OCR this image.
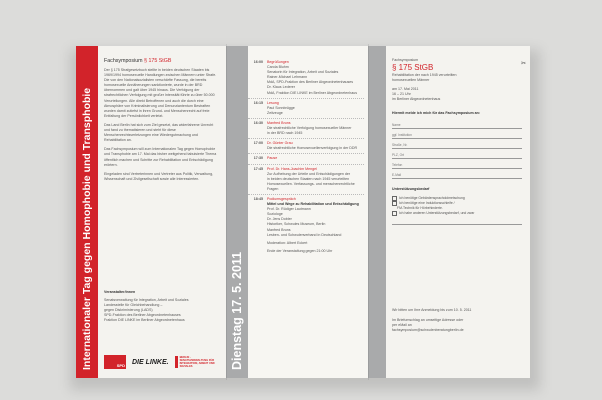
Internationaler Tag gegen Homophobie und Transphobie
Fachsymposium § 175 StGB
Der § 175 Strafgesetzbuch stellte in beiden deutschen Staaten bis 1969/1994 homosexuelle Handlungen zwischen Männern unter Strafe. Die von den Nationalsozialisten verschärfte Fassung, die bereits homosexuelle Annäherungen sanktionierte, wurde in der BRD übernommen und galt über 1945 hinaus. Die Verfolgung der strafrechtlichen Verfolgung mit großer Intensität führte zu über 50.000 Verurteilungen. Alle direkt Betroffenen und auch die durch eine Atmosphäre von Kriminalisierung und Denunziantentum Bestraften wurden damit zutiefst in ihren Grund- und Menschenrecht auf freie Entfaltung der Persönlichkeit verletzt.
Das Land Berlin hat sich zum Ziel gesetzt, das widerfahrene Unrecht und fand zu thematisieren und steht für diese Menschenrechtsverletzungen eine Wiedergutmachung und Rehabilitation an.
Das Fachsymposium will zum Internationalen Tag gegen Homophobie und Transphobie am 17. Mai das bisher weitgehend tabuisierte Thema öffentlich machen und Schritte zur Rehabilitation und Entschädigung erörtern.
Eingeladen sind Vertreterinnen und Vertreter aus Politik, Verwaltung, Wissenschaft und Zivilgesellschaft sowie alle Interessierten.
Veranstalter/innen
Senatsverwaltung für Integration, Arbeit und Soziales
Landesstelle für Gleichbehandlung –
gegen Diskriminierung (LADS)
SPD-Fraktion des Berliner Abgeordnetenhauses
Fraktion DIE LINKE im Berliner Abgeordnetenhaus
SPD DIE LINKE.
BERLIN · SENATSVERWALTUNG FÜR INTEGRATION, ARBEIT UND SOZIALES	Dienstag 17. 5. 2011
16:00	Begrüßungen
Carola Bluhm
Senatorin für Integration, Arbeit und Soziales
Rainer-Michael Lehmann
MdA, SPD-Fraktion des Berliner Abgeordnetenhauses
Dr. Klaus Lederer
MdA, Fraktion DIE LINKE im Berliner Abgeordnetenhaus
16:15	Lesung
Paul Sonnbrügge
Zeitzeuge
16:30	Manfred Bruns
Die strafrechtliche Verfolgung homosexueller Männer
in der BRD nach 1945
17:00	Dr. Günter Grau
Die strafrechtliche Homosexuellenverfolgung in der DDR
17:30	Pause
17:45	Prof. Dr. Hans-Joachim Mengel
Zur Aufhebung der Urteile und Entschädigungen der
in beiden deutschen Staaten nach 1945 verurteilten
Homosexuellen. Verfassungs- und menschenrechtliche
Fragen
18:45	Podiumsgespräch
Mittel und Wege zu Rehabilitation und Entschädigung
Prof. Dr. Rüdiger Lautmann
Soziologe
Dr. Jens Dobler
Historiker, Schwules Museum, Berlin
Manfred Bruns
Lesben- und Schwulenverband in Deutschland
Moderation: Albert Eckert
Ende der Veranstaltung gegen 21:00 Uhr
✂
Fachsymposium
§ 175 StGB
Rehabilitation der nach 1945 verurteilten
homosexuellen Männer
am 17. Mai 2011
16 – 21 Uhr
im Berliner Abgeordnetenhaus
Hiermit melde ich mich für das Fachsymposium an:
Name
ggf. Institution
Straße, Nr.
PLZ, Ort
Telefon
E-Mail
Unterstützungsbedarf
Ich benötige Gebärdensprachdolmetschung
Ich benötige eine Induktionsschleife /
FM-Technik für Hörbehinderte.
Ich habe anderen Unterstützungsbedarf, und zwar
Wir bitten um Ihre Anmeldung bis zum 10. 5. 2011
Im Briefumschlag an umseitige Adresse oder
per eMail an
fachsymposium@schwulenberatungberlin.de
